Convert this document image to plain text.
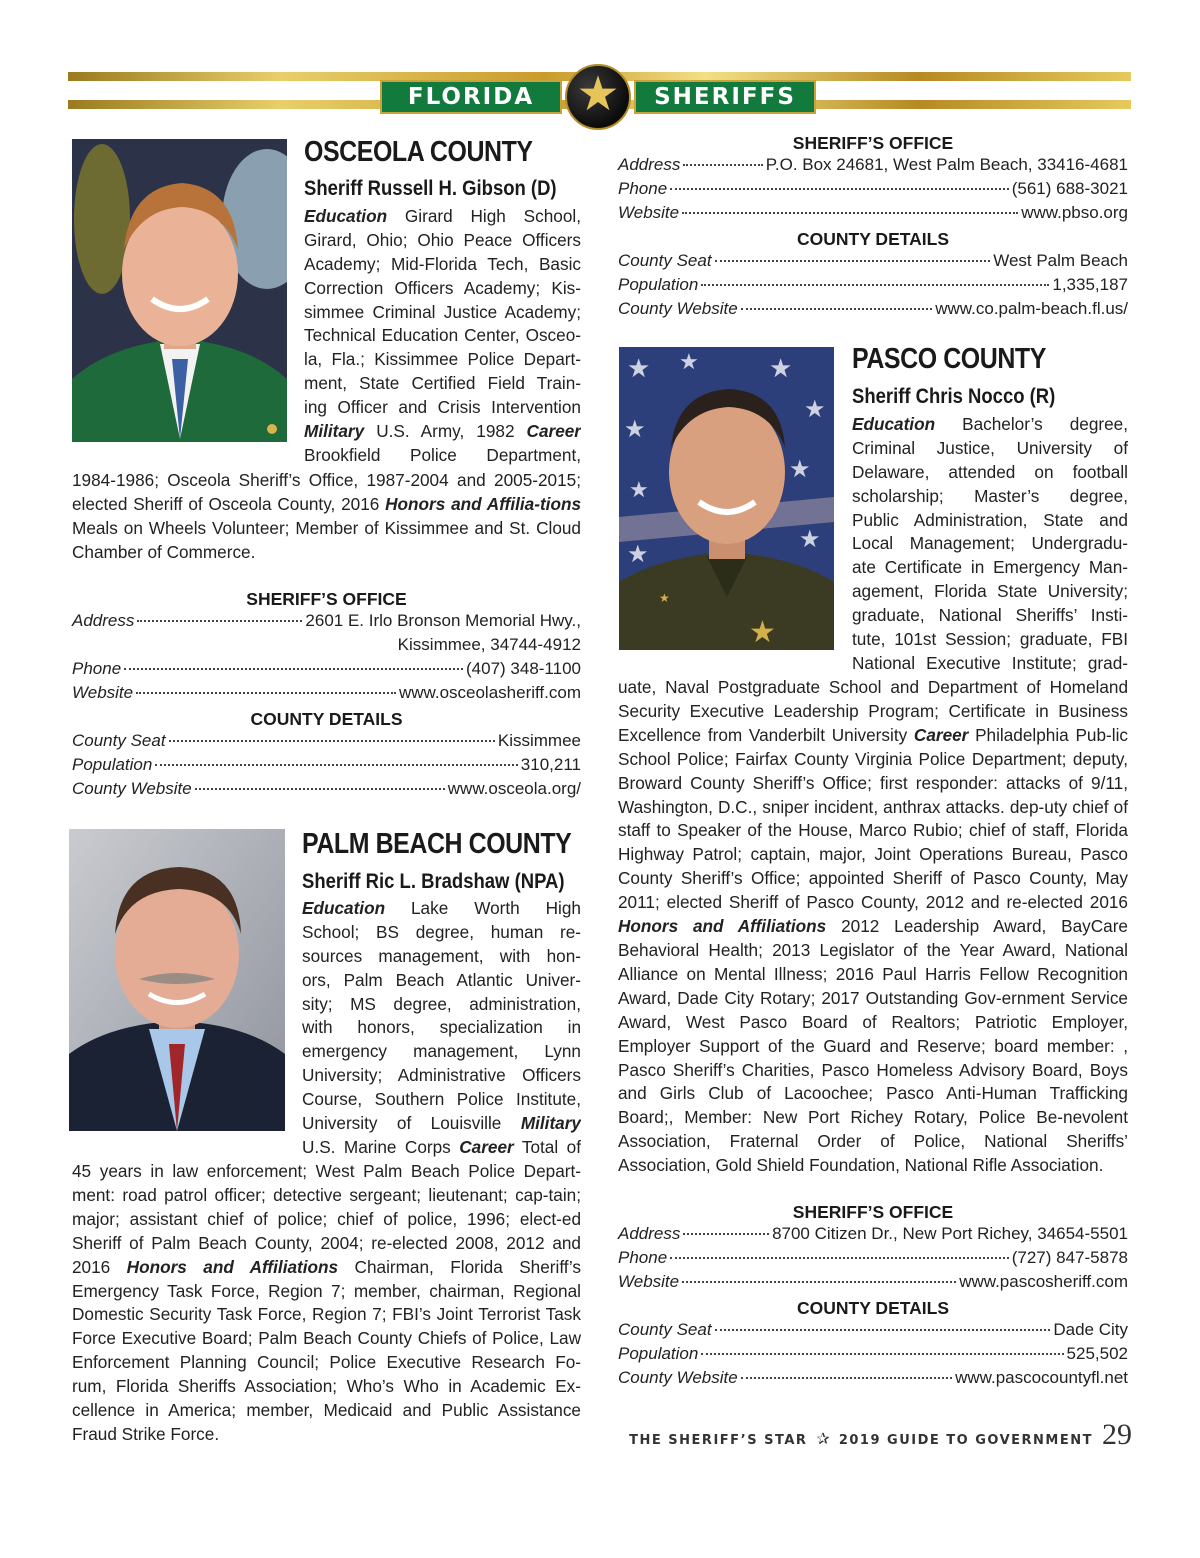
FLORIDA	SHERIFFS
★
OSCEOLA COUNTY
Sheriff Russell H. Gibson (D)
Education Girard High School,
Girard, Ohio; Ohio Peace Officers
Academy; Mid-Florida Tech, Basic
Correction Officers Academy; Kis-
simmee Criminal Justice Academy;
Technical Education Center, Osceo-
la, Fla.; Kissimmee Police Depart-
ment, State Certified Field Train-
ing Officer and Crisis Intervention
Military U.S. Army, 1982 Career
Brookfield Police Department,
1984-1986; Osceola Sheriff’s Office, 1987-2004 and 2005-2015; elected Sheriff of Osceola County, 2016 Honors and Affilia-tions Meals on Wheels Volunteer; Member of Kissimmee and St. Cloud Chamber of Commerce.
SHERIFF’S OFFICE
Address	2601 E. Irlo Bronson Memorial Hwy.,
Kissimmee, 34744-4912
Phone	(407) 348-1100
Website	www.osceolasheriff.com
COUNTY DETAILS
County Seat	Kissimmee
Population	310,211
County Website	www.osceola.org/
PALM BEACH COUNTY
Sheriff Ric L. Bradshaw (NPA)
Education Lake Worth High
School; BS degree, human re-
sources management, with hon-
ors, Palm Beach Atlantic Univer-
sity; MS degree, administration,
with honors, specialization in
emergency management, Lynn
University; Administrative Officers
Course, Southern Police Institute,
University of Louisville Military
U.S. Marine Corps Career Total of
45 years in law enforcement; West Palm Beach Police Depart-ment: road patrol officer; detective sergeant; lieutenant; cap-tain; major; assistant chief of police; chief of police, 1996; elect-ed Sheriff of Palm Beach County, 2004; re-elected 2008, 2012 and 2016 Honors and Affiliations Chairman, Florida Sheriff’s Emergency Task Force, Region 7; member, chairman, Regional Domestic Security Task Force, Region 7; FBI’s Joint Terrorist Task Force Executive Board; Palm Beach County Chiefs of Police, Law Enforcement Planning Council; Police Executive Research Fo-rum, Florida Sheriffs Association; Who’s Who in Academic Ex-cellence in America; member, Medicaid and Public Assistance Fraud Strike Force.
SHERIFF’S OFFICE
Address	P.O. Box 24681, West Palm Beach, 33416-4681
Phone	(561) 688-3021
Website	www.pbso.org
COUNTY DETAILS
County Seat	West Palm Beach
Population	1,335,187
County Website	www.co.palm-beach.fl.us/
★ ★	★
★
★
★
★
★
★
★
★
PASCO COUNTY
Sheriff Chris Nocco (R)
Education Bachelor’s degree,
Criminal Justice, University of
Delaware, attended on football
scholarship; Master’s degree,
Public Administration, State and
Local Management; Undergradu-
ate Certificate in Emergency Man-
agement, Florida State University;
graduate, National Sheriffs’ Insti-
tute, 101st Session; graduate, FBI
National Executive Institute; grad-
uate, Naval Postgraduate School and Department of Homeland Security Executive Leadership Program; Certificate in Business Excellence from Vanderbilt University Career Philadelphia Pub-lic School Police; Fairfax County Virginia Police Department; deputy, Broward County Sheriff’s Office; first responder: attacks of 9/11, Washington, D.C., sniper incident, anthrax attacks. dep-uty chief of staff to Speaker of the House, Marco Rubio; chief of staff, Florida Highway Patrol; captain, major, Joint Operations Bureau, Pasco County Sheriff’s Office; appointed Sheriff of Pasco County, May 2011; elected Sheriff of Pasco County, 2012 and re-elected 2016 Honors and Affiliations 2012 Leadership Award, BayCare Behavioral Health; 2013 Legislator of the Year Award, National Alliance on Mental Illness; 2016 Paul Harris Fellow Recognition Award, Dade City Rotary; 2017 Outstanding Gov-ernment Service Award, West Pasco Board of Realtors; Patriotic Employer, Employer Support of the Guard and Reserve; board member: , Pasco Sheriff’s Charities, Pasco Homeless Advisory Board, Boys and Girls Club of Lacoochee; Pasco Anti-Human Trafficking Board;, Member: New Port Richey Rotary, Police Be-nevolent Association, Fraternal Order of Police, National Sheriffs’ Association, Gold Shield Foundation, National Rifle Association.
SHERIFF’S OFFICE
Address	8700 Citizen Dr., New Port Richey, 34654-5501
Phone	(727) 847-5878
Website	www.pascosheriff.com
COUNTY DETAILS
County Seat	Dade City
Population	525,502
County Website	www.pascocountyfl.net
THE SHERIFF’S STAR ✰ 2019 GUIDE TO GOVERNMENT 29
